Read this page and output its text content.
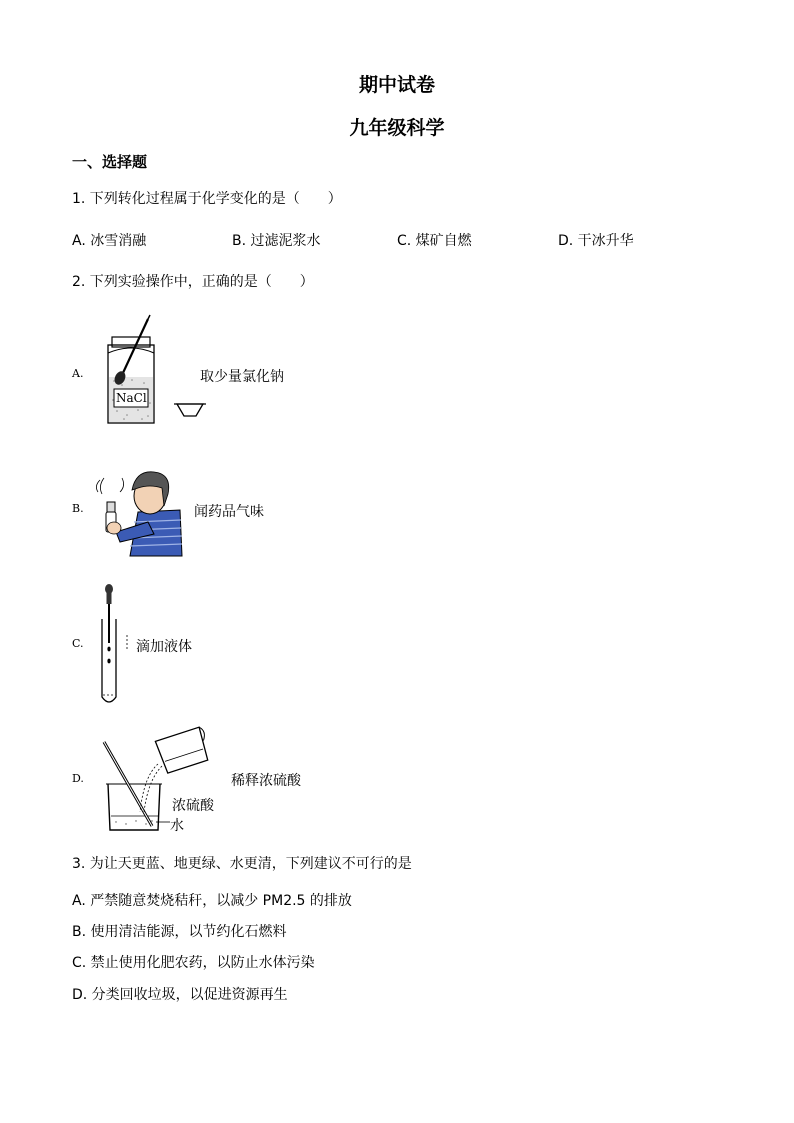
期中试卷
九年级科学
一、选择题
1. 下列转化过程属于化学变化的是（　　）
A. 冰雪消融	B. 过滤泥浆水	C. 煤矿自燃	D. 干冰升华
2. 下列实验操作中，正确的是（　　）
A.
NaCl
取少量氯化钠
B.	闻药品气味
C.	滴加液体
D.	稀释浓硫酸
浓硫酸
水
3. 为让天更蓝、地更绿、水更清，下列建议不可行的是
A. 严禁随意焚烧秸秆，以减少 PM2.5 的排放
B. 使用清洁能源，以节约化石燃料
C. 禁止使用化肥农药，以防止水体污染
D. 分类回收垃圾，以促进资源再生
